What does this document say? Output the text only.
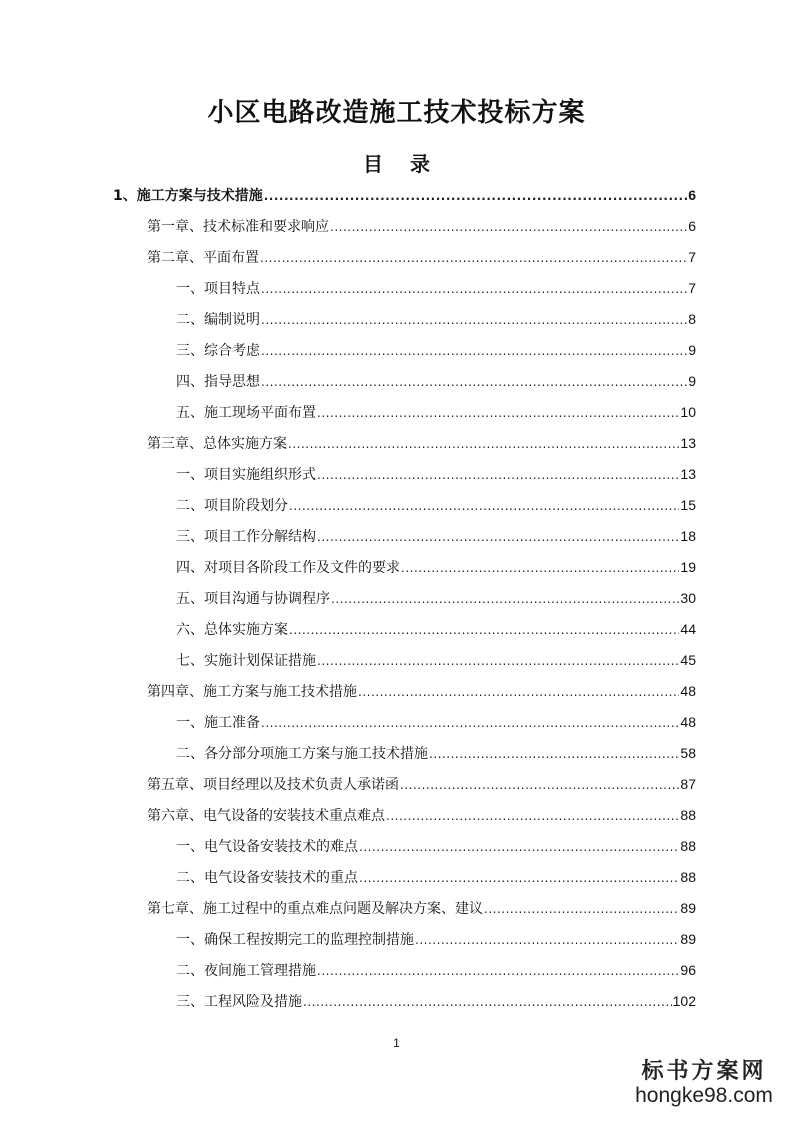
小区电路改造施工技术投标方案
目 录
1、施工方案与技术措施 .....	6
第一章、技术标准和要求响应 .....	6
第二章、平面布置 .....	7
一、项目特点 .....	7
二、编制说明 .....	8
三、综合考虑 .....	9
四、指导思想 .....	9
五、施工现场平面布置 .....	10
第三章、总体实施方案 .....	13
一、项目实施组织形式 .....	13
二、项目阶段划分 .....	15
三、项目工作分解结构 .....	18
四、对项目各阶段工作及文件的要求 .....	19
五、项目沟通与协调程序 .....	30
六、总体实施方案 .....	44
七、实施计划保证措施 .....	45
第四章、施工方案与施工技术措施 .....	48
一、施工准备 .....	48
二、各分部分项施工方案与施工技术措施 .....	58
第五章、项目经理以及技术负责人承诺函 .....	87
第六章、电气设备的安装技术重点难点 .....	88
一、电气设备安装技术的难点 .....	88
二、电气设备安装技术的重点 .....	88
第七章、施工过程中的重点难点问题及解决方案、建议 .....	89
一、确保工程按期完工的监理控制措施 .....	89
二、夜间施工管理措施 .....	96
三、工程风险及措施 .....	102
1
标书方案网
hongke98.com
